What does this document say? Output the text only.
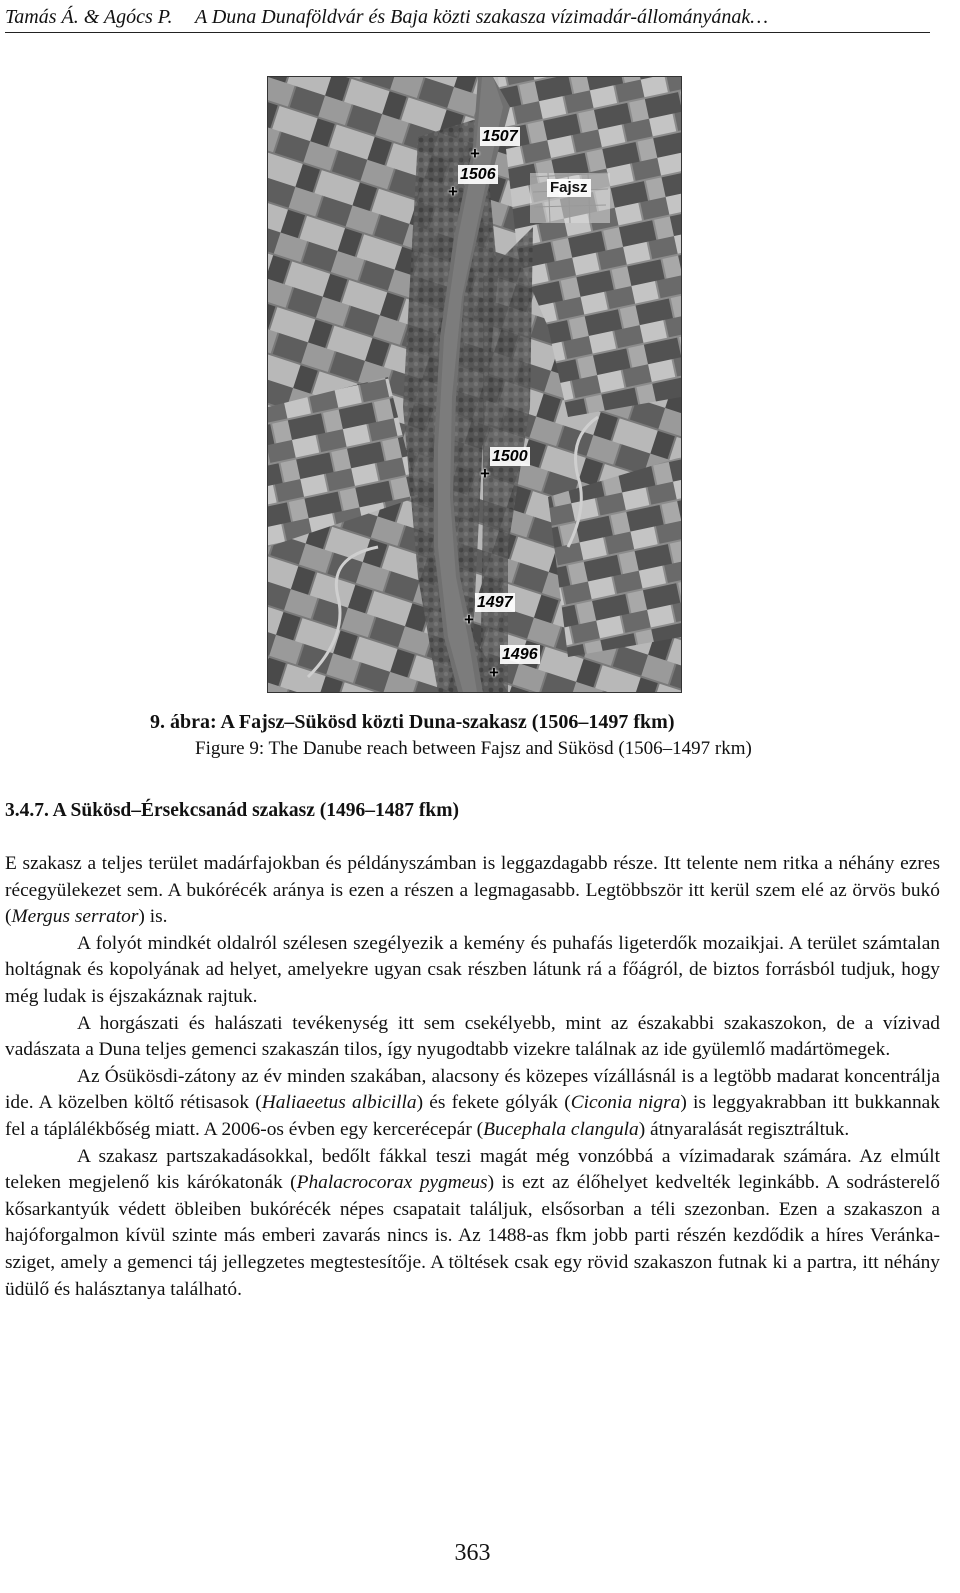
Tamás Á. & Agócs P. A Duna Dunaföldvár és Baja közti szakasza vízimadár-állományának…
+
1507
+
1506
Fajsz
+
1500
+
1497
+
1496
9. ábra: A Fajsz–Sükösd közti Duna-szakasz (1506–1497 fkm)
Figure 9: The Danube reach between Fajsz and Sükösd (1506–1497 rkm)
3.4.7. A Sükösd–Érsekcsanád szakasz (1496–1487 fkm)

E szakasz a teljes terület madárfajokban és példányszámban is leggazdagabb része. Itt telente nem ritka a néhány ezres récegyülekezet sem. A bukórécék aránya is ezen a részen a legmagasabb. Legtöbbször itt kerül szem elé az örvös bukó (Mergus serrator) is.

A folyót mindkét oldalról szélesen szegélyezik a kemény és puhafás ligeterdők mozaikjai. A terület számtalan holtágnak és kopolyának ad helyet, amelyekre ugyan csak részben látunk rá a főágról, de biztos forrásból tudjuk, hogy még ludak is éjszakáznak rajtuk.

A horgászati és halászati tevékenység itt sem csekélyebb, mint az északabbi szakaszokon, de a vízivad vadászata a Duna teljes gemenci szakaszán tilos, így nyugodtabb vizekre találnak az ide gyülemlő madártömegek.

Az Ósükösdi-zátony az év minden szakában, alacsony és közepes vízállásnál is a legtöbb madarat koncentrálja ide. A közelben költő rétisasok (Haliaeetus albicilla) és fekete gólyák (Ciconia nigra) is leggyakrabban itt bukkannak fel a táplálékbőség miatt. A 2006-os évben egy kercerécepár (Bucephala clangula) átnyaralását regisztráltuk.

A szakasz partszakadásokkal, bedőlt fákkal teszi magát még vonzóbbá a vízimadarak számára. Az elmúlt teleken megjelenő kis kárókatonák (Phalacrocorax pygmeus) is ezt az élőhelyet kedvelték leginkább. A sodrásterelő kősarkantyúk védett öbleiben bukórécék népes csapatait találjuk, elsősorban a téli szezonban. Ezen a szakaszon a hajóforgalmon kívül szinte más emberi zavarás nincs is. Az 1488-as fkm jobb parti részén kezdődik a híres Veránka-sziget, amely a gemenci táj jellegzetes megtestesítője. A töltések csak egy rövid szakaszon futnak ki a partra, itt néhány üdülő és halásztanya található.

363
